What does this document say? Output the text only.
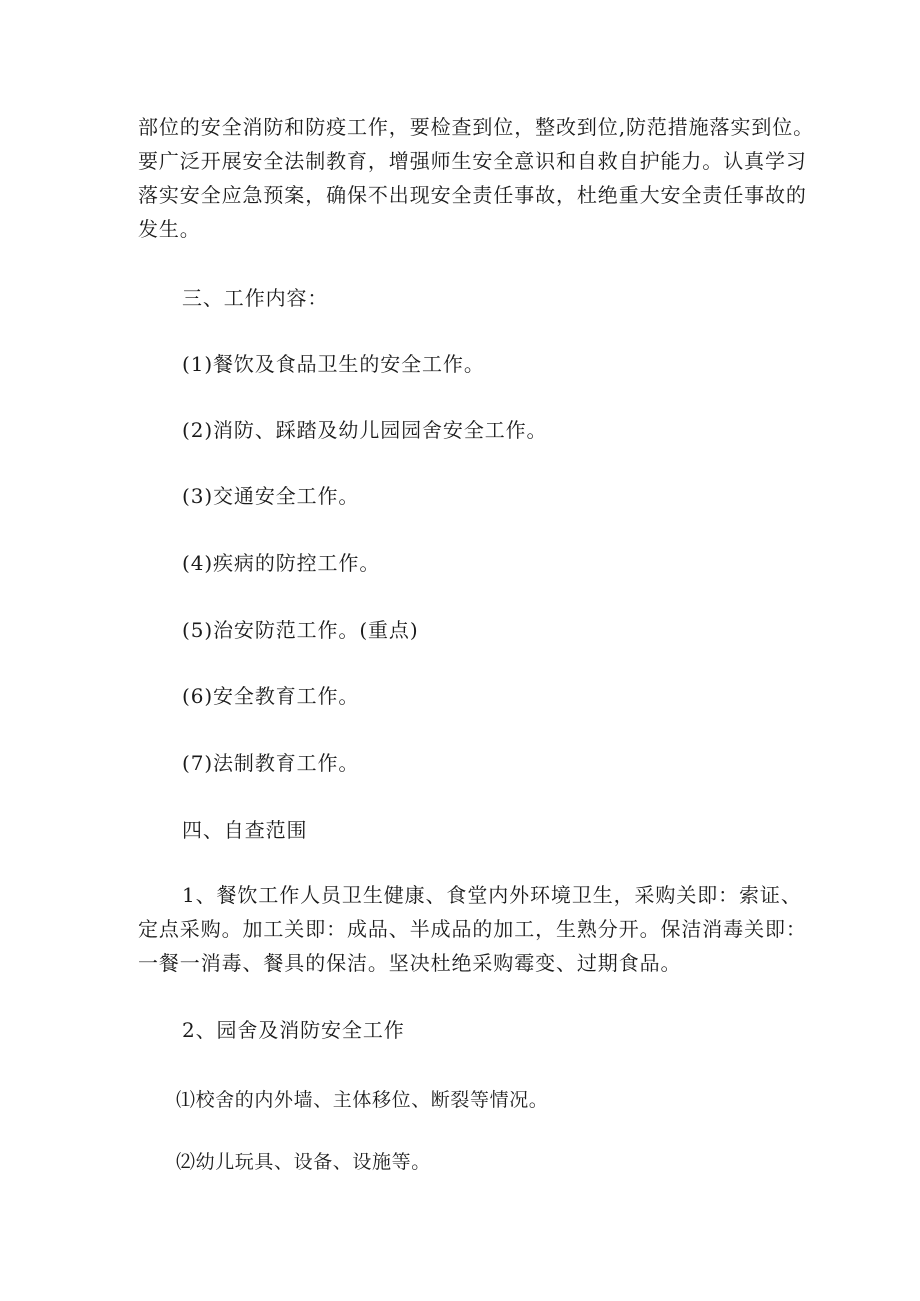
部位的安全消防和防疫工作，要检查到位，整改到位,防范措施落实到位。
要广泛开展安全法制教育，增强师生安全意识和自救自护能力。认真学习
落实安全应急预案，确保不出现安全责任事故，杜绝重大安全责任事故的
发生。
三、工作内容：
(1)餐饮及食品卫生的安全工作。
(2)消防、踩踏及幼儿园园舍安全工作。
(3)交通安全工作。
(4)疾病的防控工作。
(5)治安防范工作。(重点)
(6)安全教育工作。
(7)法制教育工作。
四、自查范围
1、餐饮工作人员卫生健康、食堂内外环境卫生，采购关即：索证、
定点采购。加工关即：成品、半成品的加工，生熟分开。保洁消毒关即：
一餐一消毒、餐具的保洁。坚决杜绝采购霉变、过期食品。
2、园舍及消防安全工作
⑴校舍的内外墙、主体移位、断裂等情况。
⑵幼儿玩具、设备、设施等。
